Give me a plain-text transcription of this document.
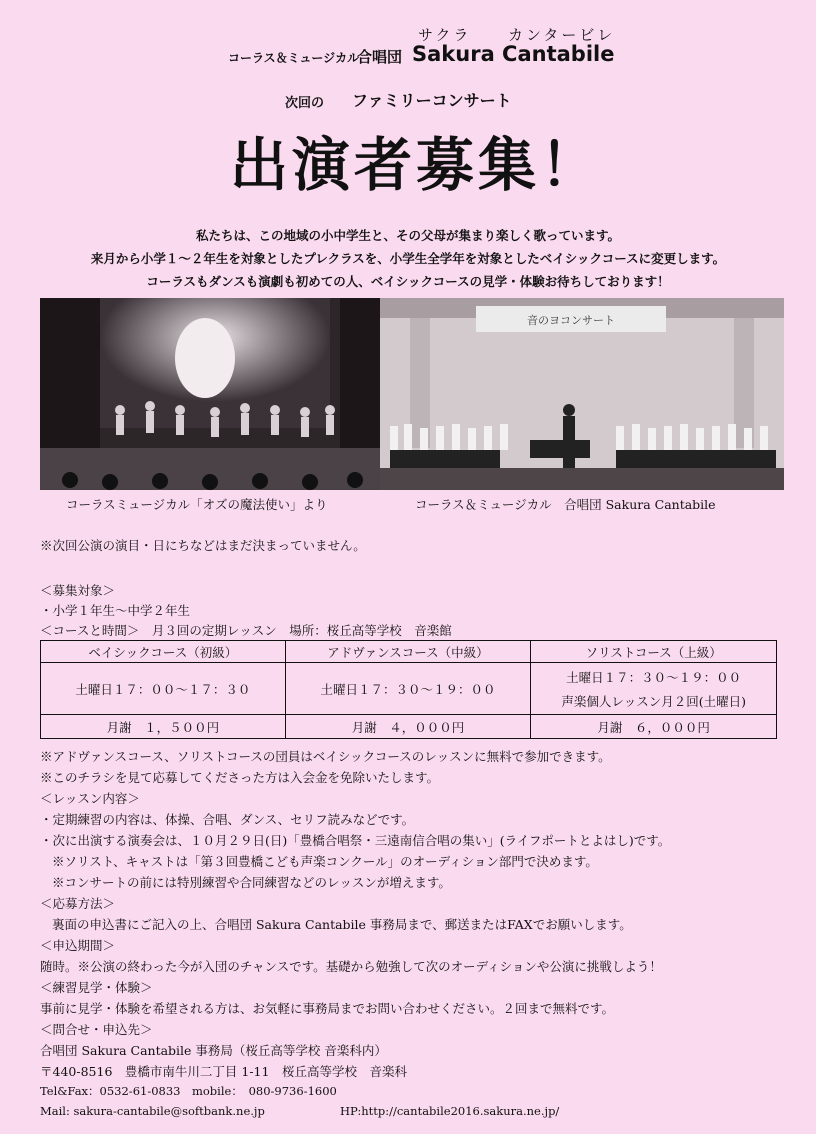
サクラ カンタービレ
コーラス＆ミュージカル
合唱団 Sakura Cantabile
次回の ファミリーコンサート
出演者募集！
私たちは、この地域の小中学生と、その父母が集まり楽しく歌っています。
来月から小学１～２年生を対象としたプレクラスを、小学生全学年を対象としたベイシックコースに変更します。
コーラスもダンスも演劇も初めての人、ベイシックコースの見学・体験お待ちしております！
音のヨコンサート
コーラスミュージカル「オズの魔法使い」より	コーラス＆ミュージカル　合唱団 Sakura Cantabile
※次回公演の演目・日にちなどはまだ決まっていません。
＜募集対象＞
・小学１年生～中学２年生
＜コースと時間＞　月３回の定期レッスン　場所：桜丘高等学校　音楽館
ベイシックコース（初級）	アドヴァンスコース（中級）	ソリストコース（上級）
土曜日１７：００～１７：３０	土曜日１７：３０～１９：００	土曜日１７：３０～１９：００
声楽個人レッスン月２回(土曜日)

月謝　１，５００円	月謝　４，０００円	月謝　６，０００円
※アドヴァンスコース、ソリストコースの団員はベイシックコースのレッスンに無料で参加できます。
※このチラシを見て応募してくださった方は入会金を免除いたします。
＜レッスン内容＞
・定期練習の内容は、体操、合唱、ダンス、セリフ読みなどです。
・次に出演する演奏会は、１０月２９日(日)「豊橋合唱祭・三遠南信合唱の集い」(ライフポートとよはし)です。
※ソリスト、キャストは「第３回豊橋こども声楽コンクール」のオーディション部門で決めます。
※コンサートの前には特別練習や合同練習などのレッスンが増えます。
＜応募方法＞
裏面の申込書にご記入の上、合唱団 Sakura Cantabile 事務局まで、郵送またはFAXでお願いします。
＜申込期間＞
随時。※公演の終わった今が入団のチャンスです。基礎から勉強して次のオーディションや公演に挑戦しよう！
＜練習見学・体験＞
事前に見学・体験を希望される方は、お気軽に事務局までお問い合わせください。２回まで無料です。
＜問合せ・申込先＞
合唱団 Sakura Cantabile 事務局（桜丘高等学校 音楽科内）
〒440-8516　豊橋市南牛川二丁目 1-11　桜丘高等学校　音楽科
Tel&Fax：0532-61-0833　mobile：　080-9736-1600
Mail: sakura-cantabile@softbank.ne.jp	HP:http://cantabile2016.sakura.ne.jp/
